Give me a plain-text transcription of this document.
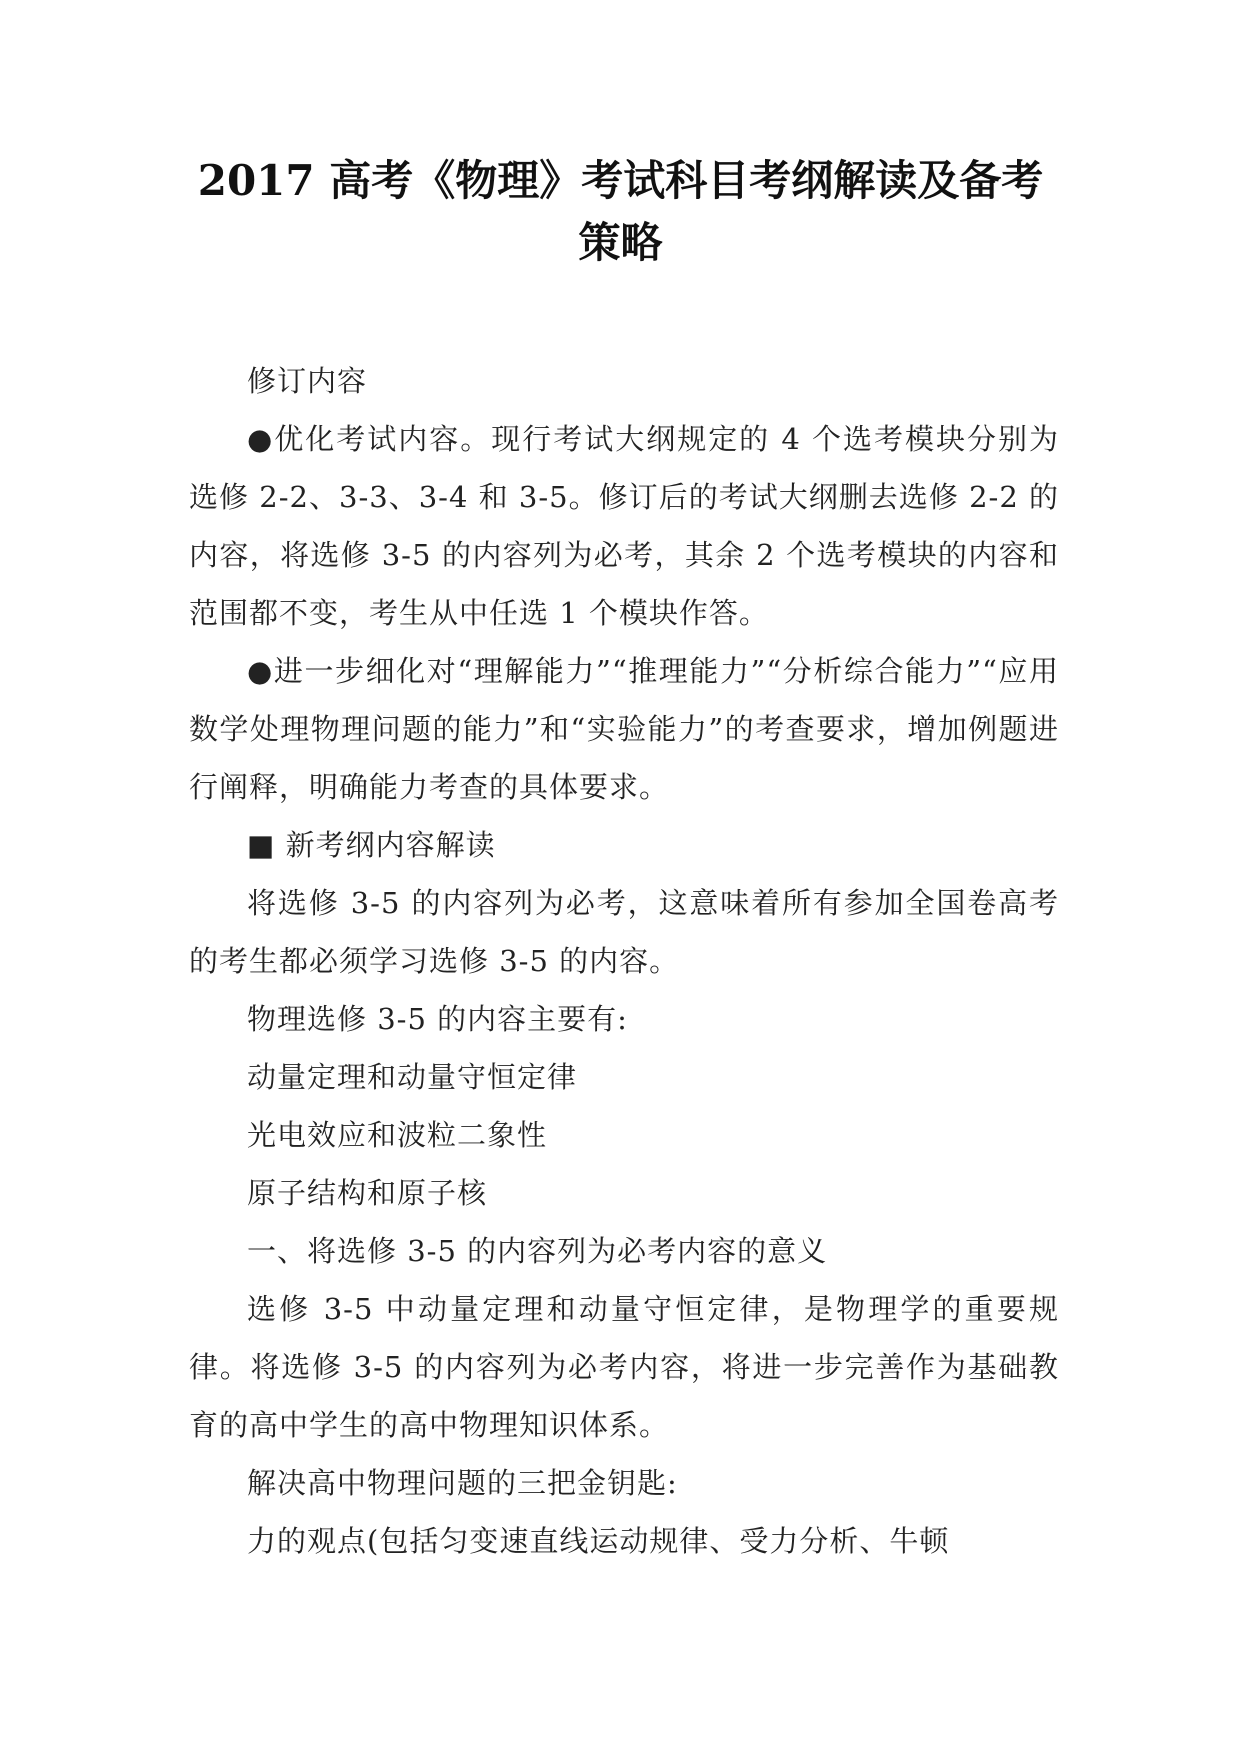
2017 高考《物理》考试科目考纲解读及备考
策略

修订内容

●优化考试内容。现行考试大纲规定的 4 个选考模块分别为选修 2-2、3-3、3-4 和 3-5。修订后的考试大纲删去选修 2-2 的内容，将选修 3-5 的内容列为必考，其余 2 个选考模块的内容和范围都不变，考生从中任选 1 个模块作答。

●进一步细化对“理解能力”“推理能力”“分析综合能力”“应用数学处理物理问题的能力”和“实验能力”的考查要求，增加例题进行阐释，明确能力考查的具体要求。

■ 新考纲内容解读

将选修 3-5 的内容列为必考，这意味着所有参加全国卷高考的考生都必须学习选修 3-5 的内容。

物理选修 3-5 的内容主要有:

动量定理和动量守恒定律

光电效应和波粒二象性

原子结构和原子核

一、将选修 3-5 的内容列为必考内容的意义

选修 3-5 中动量定理和动量守恒定律，是物理学的重要规律。将选修 3-5 的内容列为必考内容，将进一步完善作为基础教育的高中学生的高中物理知识体系。

解决高中物理问题的三把金钥匙:

力的观点(包括匀变速直线运动规律、受力分析、牛顿
